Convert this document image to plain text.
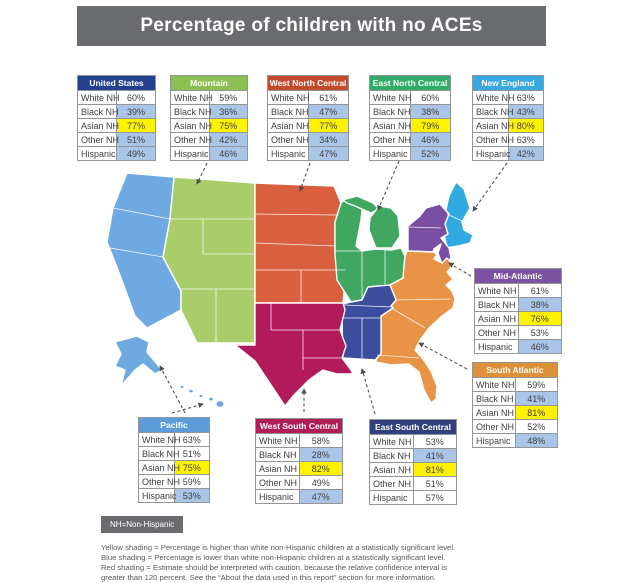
Percentage of children with no ACEs
United States	
White NH	60%
Black NH	39%
Asian NH	77%
Other NH	51%
Hispanic	49%
Mountain	
White NH	59%
Black NH	36%
Asian NH	75%
Other NH	42%
Hispanic	46%
West North Central	
White NH	61%
Black NH	47%
Asian NH	77%
Other NH	34%
Hispanic	47%
East North Central	
White NH	60%
Black NH	38%
Asian NH	79%
Other NH	46%
Hispanic	52%
New England	
White NH	63%
Black NH	43%
Asian NH	80%
Other NH	63%
Hispanic	42%
Mid-Atlantic	
White NH	61%
Black NH	38%
Asian NH	76%
Other NH	53%
Hispanic	46%
South Atlantic	
White NH	59%
Black NH	41%
Asian NH	81%
Other NH	52%
Hispanic	48%
Pacific	
White NH	63%
Black NH	51%
Asian NH	75%
Other NH	59%
Hispanic	53%
West South Central	
White NH	58%
Black NH	28%
Asian NH	82%
Other NH	49%
Hispanic	47%
East South Central	
White NH	53%
Black NH	41%
Asian NH	81%
Other NH	51%
Hispanic	57%
NH=Non-Hispanic
Yellow shading = Percentage is higher than white non-Hispanic children at a statistically significant level.
Blue shading = Percentage is lower than white non-Hispanic children at a statistically significant level.
Red shading = Estimate should be interpreted with caution, because the relative confidence interval is
greater than 120 percent. See the “About the data used in this report” section for more information.
